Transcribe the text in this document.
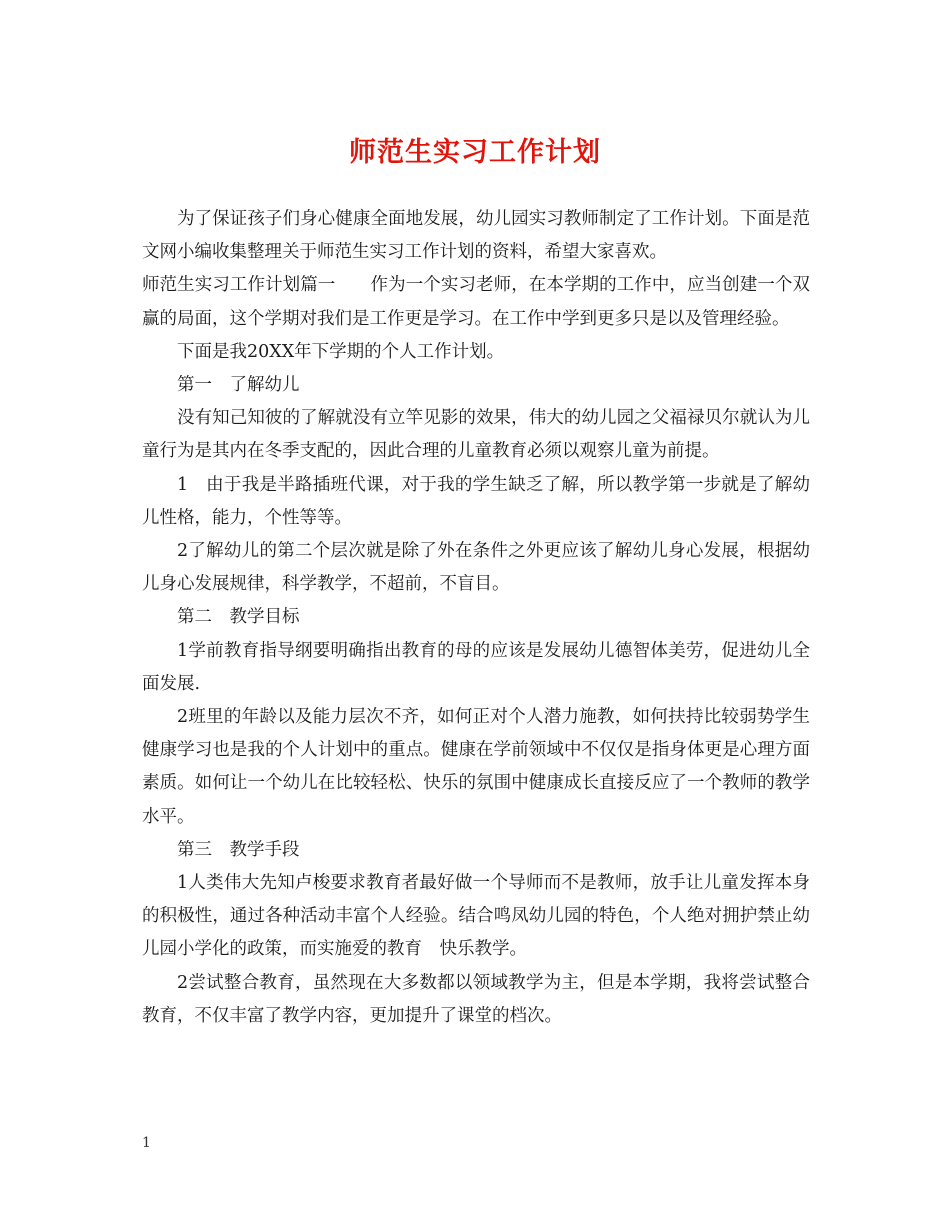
师范生实习工作计划

为了保证孩子们身心健康全面地发展，幼儿园实习教师制定了工作计划。下面是范文网小编收集整理关于师范生实习工作计划的资料，希望大家喜欢。

师范生实习工作计划篇一　　作为一个实习老师，在本学期的工作中，应当创建一个双赢的局面，这个学期对我们是工作更是学习。在工作中学到更多只是以及管理经验。

下面是我20XX年下学期的个人工作计划。

第一　了解幼儿

没有知己知彼的了解就没有立竿见影的效果，伟大的幼儿园之父福禄贝尔就认为儿童行为是其内在冬季支配的，因此合理的儿童教育必须以观察儿童为前提。

1　由于我是半路插班代课，对于我的学生缺乏了解，所以教学第一步就是了解幼儿性格，能力，个性等等。

2了解幼儿的第二个层次就是除了外在条件之外更应该了解幼儿身心发展，根据幼儿身心发展规律，科学教学，不超前，不盲目。

第二　教学目标

1学前教育指导纲要明确指出教育的母的应该是发展幼儿德智体美劳，促进幼儿全面发展.

2班里的年龄以及能力层次不齐，如何正对个人潜力施教，如何扶持比较弱势学生健康学习也是我的个人计划中的重点。健康在学前领域中不仅仅是指身体更是心理方面素质。如何让一个幼儿在比较轻松、快乐的氛围中健康成长直接反应了一个教师的教学水平。

第三　教学手段

1人类伟大先知卢梭要求教育者最好做一个导师而不是教师，放手让儿童发挥本身的积极性，通过各种活动丰富个人经验。结合鸣凤幼儿园的特色，个人绝对拥护禁止幼儿园小学化的政策，而实施爱的教育　快乐教学。

2尝试整合教育，虽然现在大多数都以领域教学为主，但是本学期，我将尝试整合教育，不仅丰富了教学内容，更加提升了课堂的档次。

1
